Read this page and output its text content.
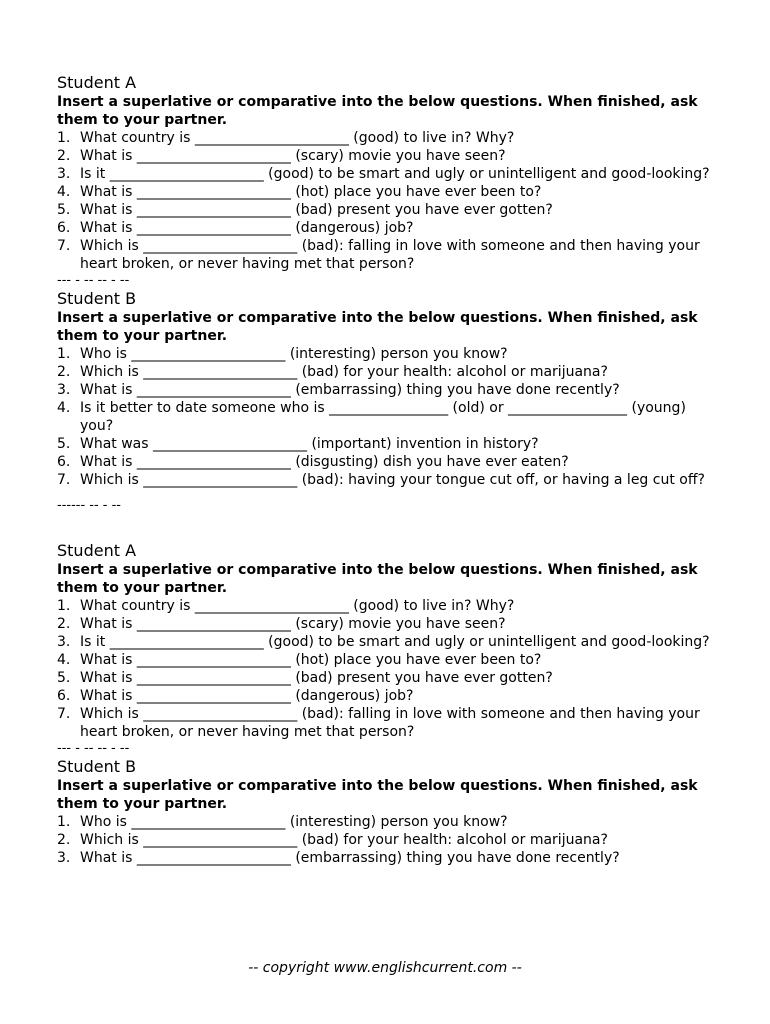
Student A

Insert a superlative or comparative into the below questions. When finished, ask them to your partner.

1. What country is ______________________ (good) to live in? Why?
2. What is ______________________ (scary) movie you have seen?
3. Is it ______________________ (good) to be smart and ugly or unintelligent and good-looking?
4. What is ______________________ (hot) place you have ever been to?
5. What is ______________________ (bad) present you have ever gotten?
6. What is ______________________ (dangerous) job?
7. Which is ______________________ (bad): falling in love with someone and then having your heart broken, or never having met that person?

--- - -- -- - --

Student B

Insert a superlative or comparative into the below questions. When finished, ask them to your partner.

1. Who is ______________________ (interesting) person you know?
2. Which is ______________________ (bad) for your health: alcohol or marijuana?
3. What is ______________________ (embarrassing) thing you have done recently?
4. Is it better to date someone who is _________________ (old) or _________________ (young) you?
5. What was ______________________ (important) invention in history?
6. What is ______________________ (disgusting) dish you have ever eaten?
7. Which is ______________________ (bad): having your tongue cut off, or having a leg cut off?

------ -- - --

Student A

Insert a superlative or comparative into the below questions. When finished, ask them to your partner.

1. What country is ______________________ (good) to live in? Why?
2. What is ______________________ (scary) movie you have seen?
3. Is it ______________________ (good) to be smart and ugly or unintelligent and good-looking?
4. What is ______________________ (hot) place you have ever been to?
5. What is ______________________ (bad) present you have ever gotten?
6. What is ______________________ (dangerous) job?
7. Which is ______________________ (bad): falling in love with someone and then having your heart broken, or never having met that person?

--- - -- -- - --

Student B

Insert a superlative or comparative into the below questions. When finished, ask them to your partner.

1. Who is ______________________ (interesting) person you know?
2. Which is ______________________ (bad) for your health: alcohol or marijuana?
3. What is ______________________ (embarrassing) thing you have done recently?
-- copyright www.englishcurrent.com --
